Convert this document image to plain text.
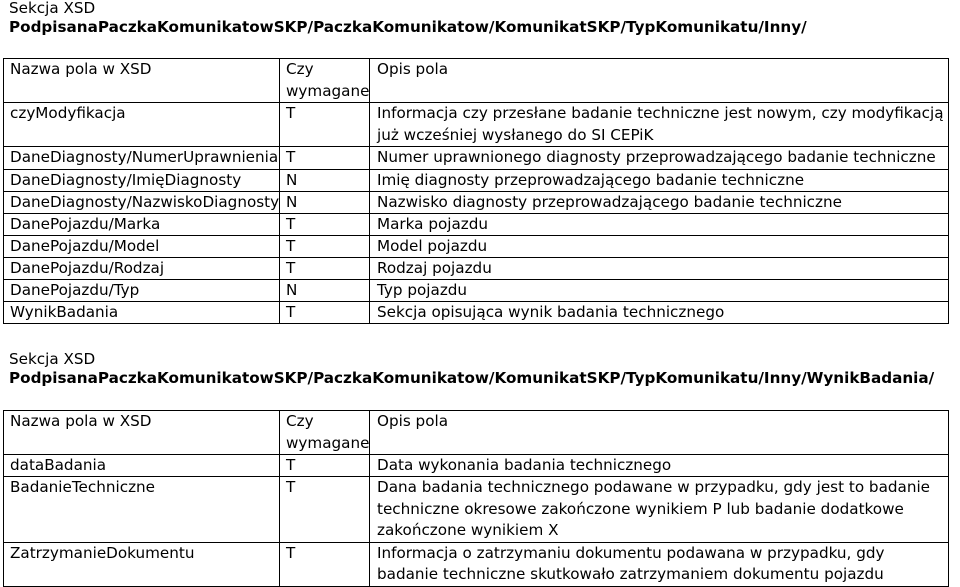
Sekcja XSD
PodpisanaPaczkaKomunikatowSKP/PaczkaKomunikatow/KomunikatSKP/TypKomunikatu/Inny/
Nazwa pola w XSD	Czy wymagane	Opis pola
czyModyfikacja	T	Informacja czy przesłane badanie techniczne jest nowym, czy modyfikacją już wcześniej wysłanego do SI CEPiK
DaneDiagnosty/NumerUprawnienia	T	Numer uprawnionego diagnosty przeprowadzającego badanie techniczne
DaneDiagnosty/ImięDiagnosty	N	Imię diagnosty przeprowadzającego badanie techniczne
DaneDiagnosty/NazwiskoDiagnosty	N	Nazwisko diagnosty przeprowadzającego badanie techniczne
DanePojazdu/Marka	T	Marka pojazdu
DanePojazdu/Model	T	Model pojazdu
DanePojazdu/Rodzaj	T	Rodzaj pojazdu
DanePojazdu/Typ	N	Typ pojazdu
WynikBadania	T	Sekcja opisująca wynik badania technicznego
Sekcja XSD
PodpisanaPaczkaKomunikatowSKP/PaczkaKomunikatow/KomunikatSKP/TypKomunikatu/Inny/WynikBadania/
Nazwa pola w XSD	Czy wymagane	Opis pola
dataBadania	T	Data wykonania badania technicznego
BadanieTechniczne	T	Dana badania technicznego podawane w przypadku, gdy jest to badanie techniczne okresowe zakończone wynikiem P lub badanie dodatkowe zakończone wynikiem X
ZatrzymanieDokumentu	T	Informacja o zatrzymaniu dokumentu podawana w przypadku, gdy badanie techniczne skutkowało zatrzymaniem dokumentu pojazdu
